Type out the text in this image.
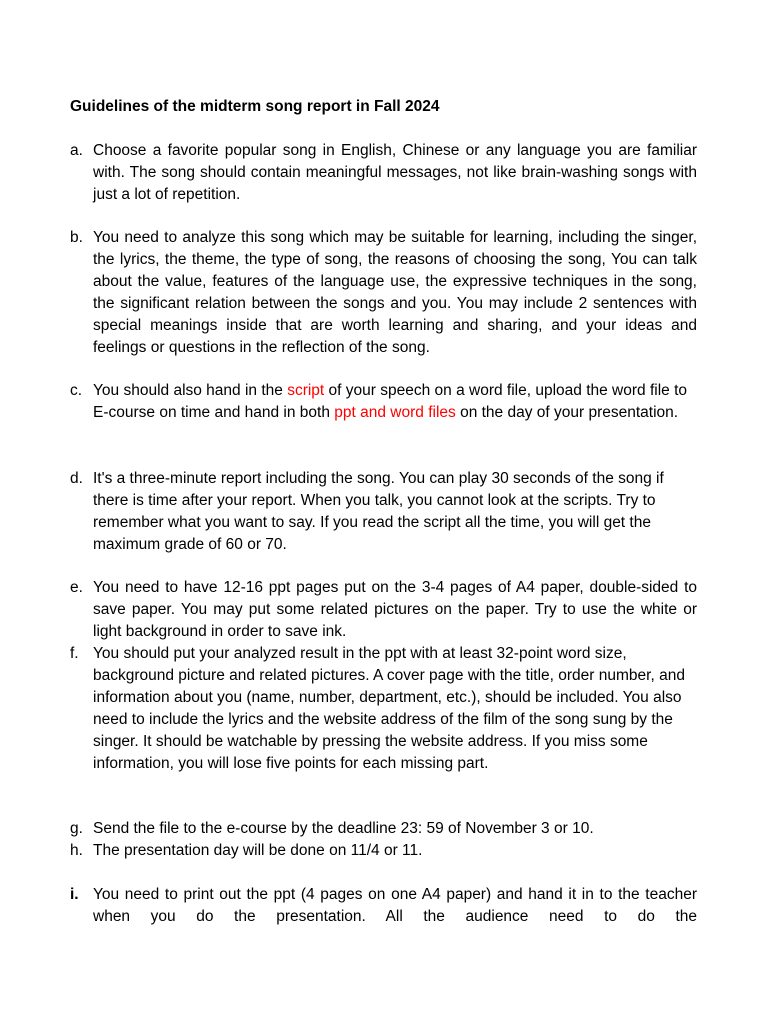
Guidelines of the midterm song report in Fall 2024
a. Choose a favorite popular song in English, Chinese or any language you are familiar with. The song should contain meaningful messages, not like brain-washing songs with just a lot of repetition.
b. You need to analyze this song which may be suitable for learning, including the singer, the lyrics, the theme, the type of song, the reasons of choosing the song, You can talk about the value, features of the language use, the expressive techniques in the song, the significant relation between the songs and you. You may include 2 sentences with special meanings inside that are worth learning and sharing, and your ideas and feelings or questions in the reflection of the song.
c. You should also hand in the script of your speech on a word file, upload the word file to E-course on time and hand in both ppt and word files on the day of your presentation.
d. It's a three-minute report including the song. You can play 30 seconds of the song if there is time after your report. When you talk, you cannot look at the scripts. Try to remember what you want to say. If you read the script all the time, you will get the maximum grade of 60 or 70.
e. You need to have 12-16 ppt pages put on the 3-4 pages of A4 paper, double-sided to save paper. You may put some related pictures on the paper. Try to use the white or light background in order to save ink.
f. You should put your analyzed result in the ppt with at least 32-point word size, background picture and related pictures. A cover page with the title, order number, and information about you (name, number, department, etc.), should be included. You also need to include the lyrics and the website address of the film of the song sung by the singer. It should be watchable by pressing the website address. If you miss some information, you will lose five points for each missing part.
g. Send the file to the e-course by the deadline 23: 59 of November 3 or 10.
h. The presentation day will be done on 11/4 or 11.
i. You need to print out the ppt (4 pages on one A4 paper) and hand it in to the teacher when you do the presentation. All the audience need to do the
